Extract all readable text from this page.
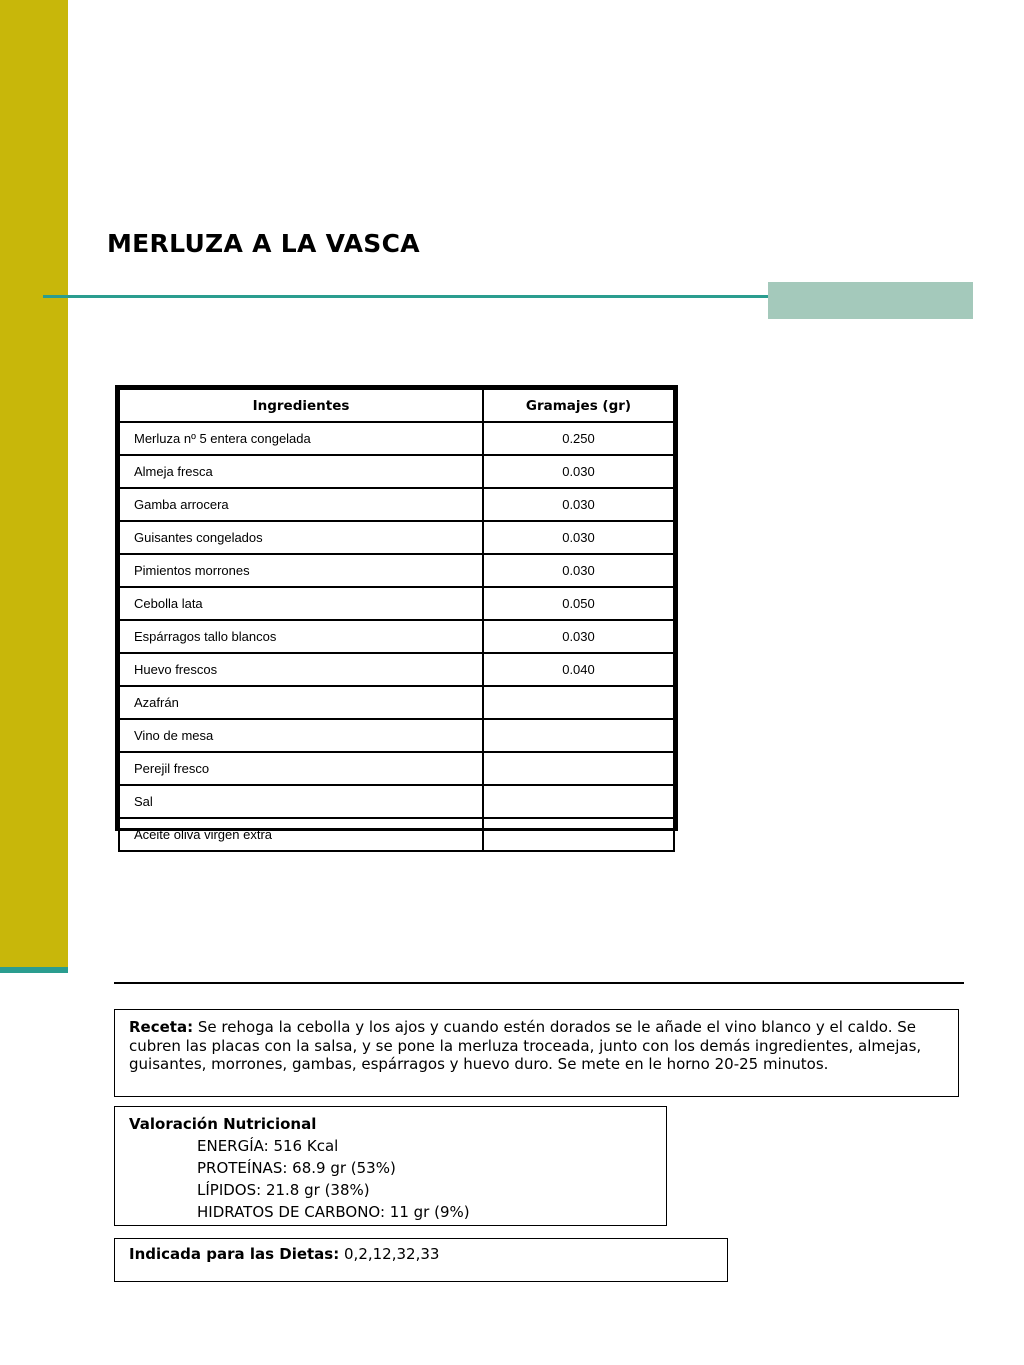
MERLUZA A LA VASCA
Ingredientes	Gramajes (gr)
Merluza nº 5 entera congelada	0.250
Almeja fresca	0.030
Gamba arrocera	0.030
Guisantes congelados	0.030
Pimientos morrones	0.030
Cebolla lata	0.050
Espárragos tallo blancos	0.030
Huevo frescos	0.040
Azafrán	
Vino de mesa	
Perejil fresco	
Sal	
Aceite oliva virgen extra	
Receta: Se rehoga la cebolla y los ajos y cuando estén dorados se le añade el vino blanco y el caldo. Se cubren las placas con la salsa, y se pone la merluza troceada, junto con los demás ingredientes, almejas, guisantes, morrones, gambas, espárragos y huevo duro. Se mete en le horno 20-25 minutos.
Valoración Nutricional
ENERGÍA: 516 Kcal
PROTEÍNAS: 68.9 gr (53%)
LÍPIDOS: 21.8 gr (38%)
HIDRATOS DE CARBONO: 11 gr (9%)
Indicada para las Dietas: 0,2,12,32,33
